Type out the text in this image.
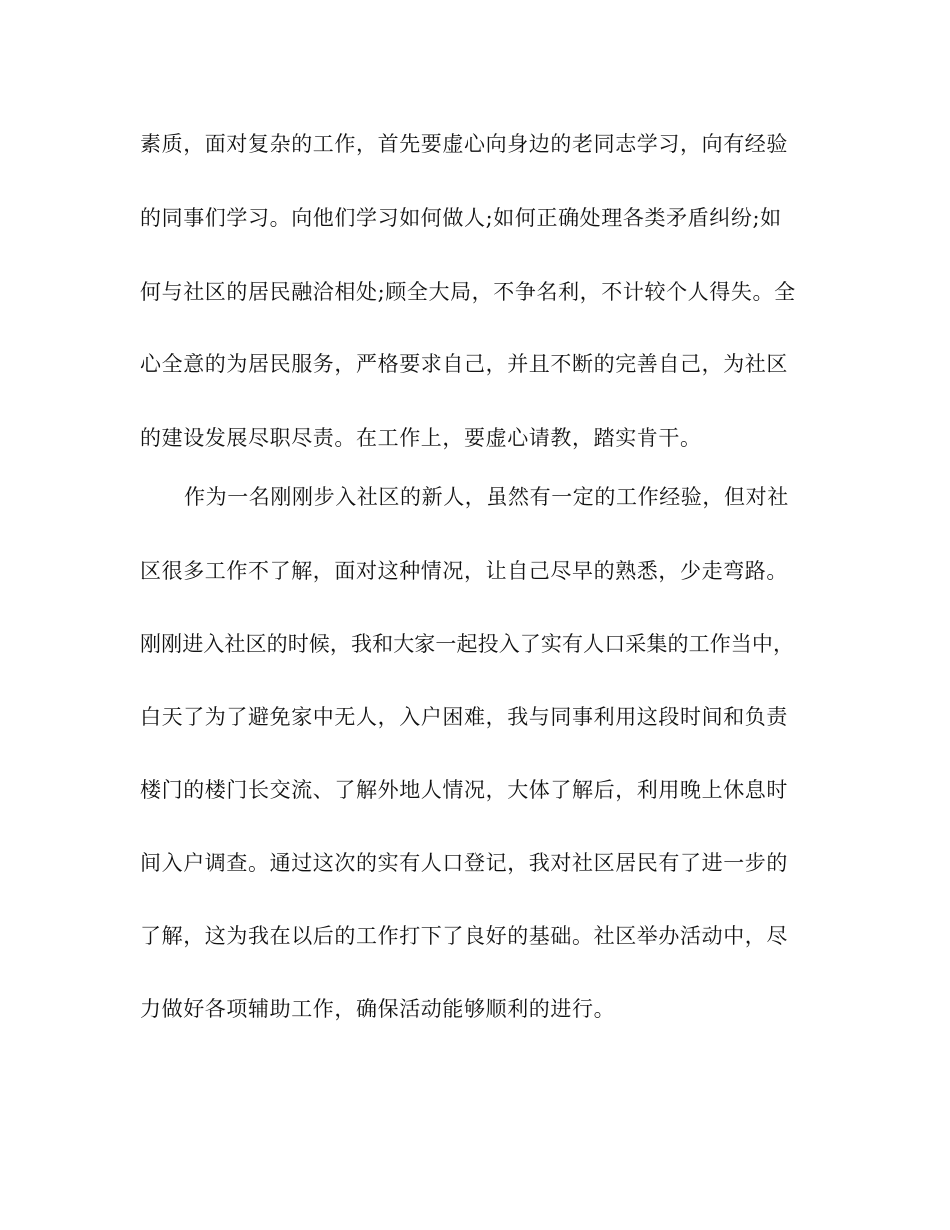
素质，面对复杂的工作，首先要虚心向身边的老同志学习，向有经验
的同事们学习。向他们学习如何做人;如何正确处理各类矛盾纠纷;如
何与社区的居民融洽相处;顾全大局，不争名利，不计较个人得失。全
心全意的为居民服务，严格要求自己，并且不断的完善自己，为社区
的建设发展尽职尽责。在工作上，要虚心请教，踏实肯干。
作为一名刚刚步入社区的新人，虽然有一定的工作经验，但对社
区很多工作不了解，面对这种情况，让自己尽早的熟悉，少走弯路。
刚刚进入社区的时候，我和大家一起投入了实有人口采集的工作当中，
白天了为了避免家中无人，入户困难，我与同事利用这段时间和负责
楼门的楼门长交流、了解外地人情况，大体了解后，利用晚上休息时
间入户调查。通过这次的实有人口登记，我对社区居民有了进一步的
了解，这为我在以后的工作打下了良好的基础。社区举办活动中，尽
力做好各项辅助工作，确保活动能够顺利的进行。
